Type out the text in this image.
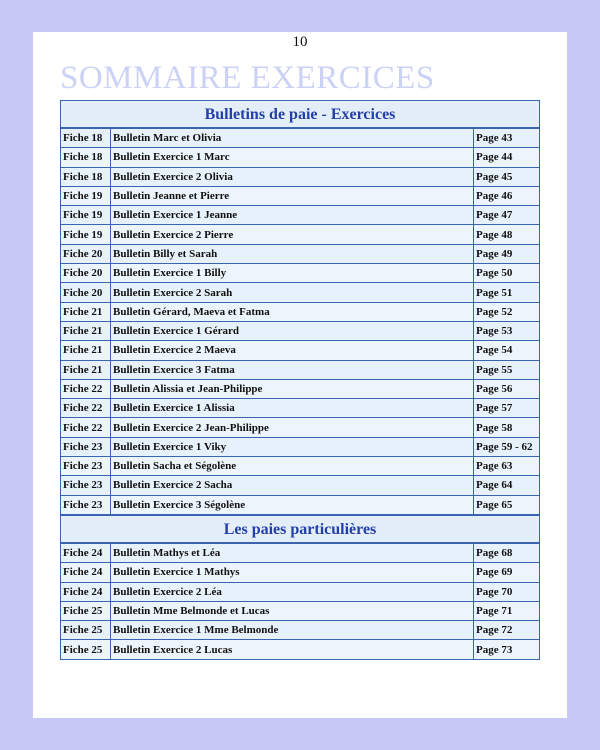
10
SOMMAIRE EXERCICES
Bulletins de paie - Exercices
Fiche 18	Bulletin Marc et Olivia	Page 43
Fiche 18	Bulletin Exercice 1 Marc	Page 44
Fiche 18	Bulletin Exercice 2 Olivia	Page 45
Fiche 19	Bulletin Jeanne et Pierre	Page 46
Fiche 19	Bulletin Exercice 1 Jeanne	Page 47
Fiche 19	Bulletin Exercice 2 Pierre	Page 48
Fiche 20	Bulletin Billy et Sarah	Page 49
Fiche 20	Bulletin Exercice 1 Billy	Page 50
Fiche 20	Bulletin Exercice 2 Sarah	Page 51
Fiche 21	Bulletin Gérard, Maeva et Fatma	Page 52
Fiche 21	Bulletin Exercice 1 Gérard	Page 53
Fiche 21	Bulletin Exercice 2 Maeva	Page 54
Fiche 21	Bulletin Exercice 3 Fatma	Page 55
Fiche 22	Bulletin Alissia et Jean-Philippe	Page 56
Fiche 22	Bulletin Exercice 1 Alissia	Page 57
Fiche 22	Bulletin Exercice 2 Jean-Philippe	Page 58
Fiche 23	Bulletin Exercice 1 Viky	Page 59 - 62
Fiche 23	Bulletin Sacha et Ségolène	Page 63
Fiche 23	Bulletin Exercice 2 Sacha	Page 64
Fiche 23	Bulletin Exercice 3 Ségolène	Page 65
Les paies particulières
Fiche 24	Bulletin Mathys et Léa	Page 68
Fiche 24	Bulletin Exercice 1 Mathys	Page 69
Fiche 24	Bulletin Exercice 2 Léa	Page 70
Fiche 25	Bulletin Mme Belmonde et Lucas	Page 71
Fiche 25	Bulletin Exercice 1 Mme Belmonde	Page 72
Fiche 25	Bulletin Exercice 2 Lucas	Page 73
